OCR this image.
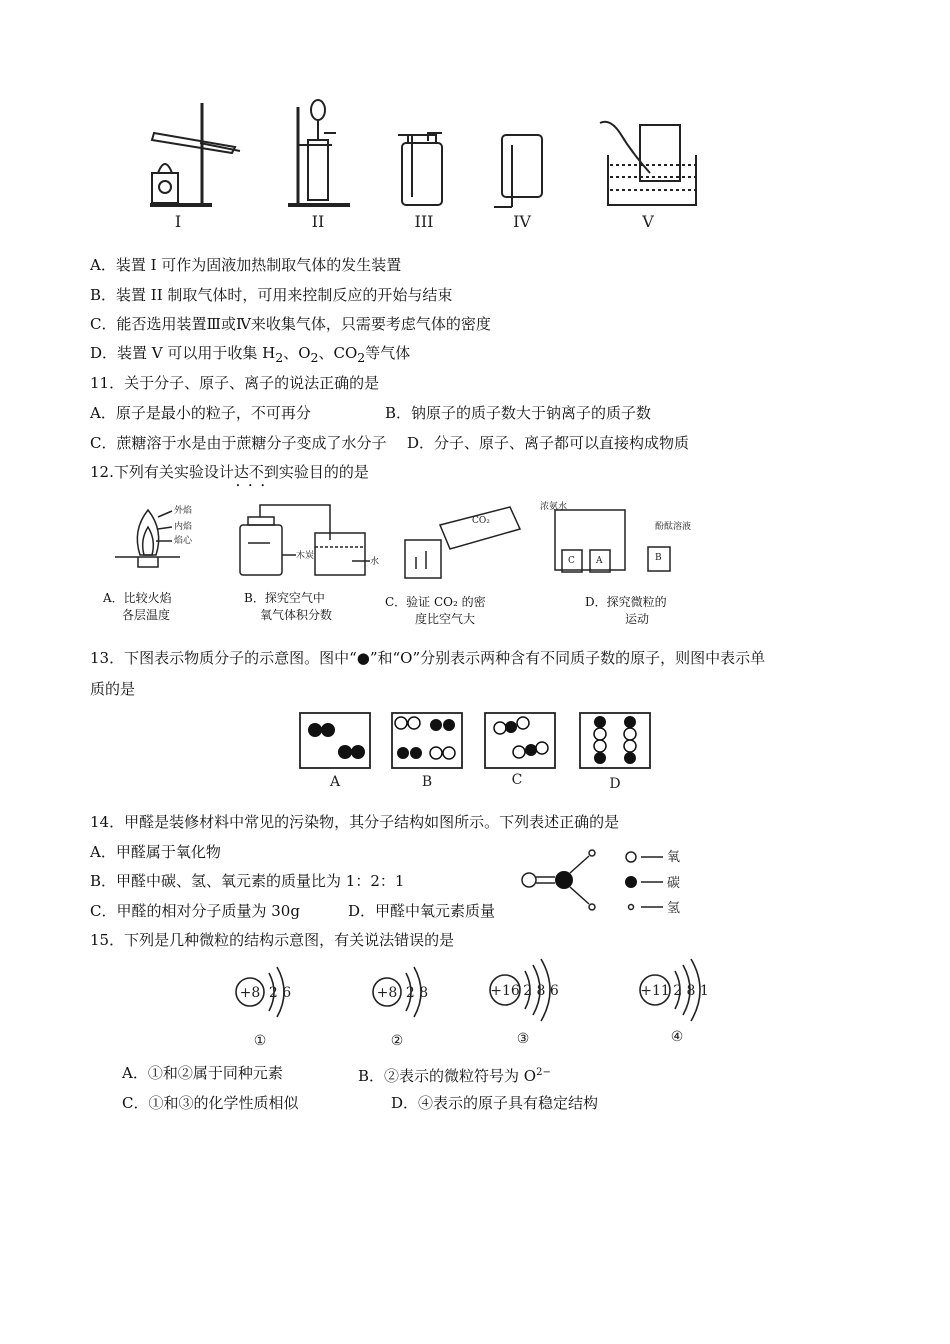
I	II	III	IV	V
A．装置 I 可作为固液加热制取气体的发生装置
B．装置 II 制取气体时，可用来控制反应的开始与结束
C．能否选用装置Ⅲ或Ⅳ来收集气体，只需要考虑气体的密度
D．装置 V 可以用于收集 $H_2$、$O_2$、$CO_2$等气体
11．关于分子、原子、离子的说法正确的是
A．原子是最小的粒子，不可再分	B．钠原子的质子数大于钠离子的质子数
C．蔗糖溶于水是由于蔗糖分子变成了水分子 D．分子、原子、离子都可以直接构成物质
12.下列有关实验设计达不到 • • •实验目的的是
外焰
内焰
焰心
木炭
水
CO₂
浓氨水
酚酞溶液
C A	B
A．比较火焰
各层温度
B．探究空气中
氧气体积分数
C．验证 CO₂ 的密
度比空气大
D．探究微粒的
运动
13．下图表示物质分子的示意图。图中“●”和“O”分别表示两种含有不同质子数的原子，则图中表示单
质的是
A	B	C	D
14．甲醛是装修材料中常见的污染物，其分子结构如图所示。下列表述正确的是
A．甲醛属于氧化物
B．甲醛中碳、氢、氧元素的质量比为 1：2：1
C．甲醛的相对分子质量为 30g	D．甲醛中氧元素质量
氧
碳
氢
15．下列是几种微粒的结构示意图，有关说法错误的是
+8	+8	+16	+11
2 6	2 8	2 8 6	2 8 1
①	②	③	④
A．①和②属于同种元素	B．②表示的微粒符号为 $O^{2-}$
C．①和③的化学性质相似	D．④表示的原子具有稳定结构
